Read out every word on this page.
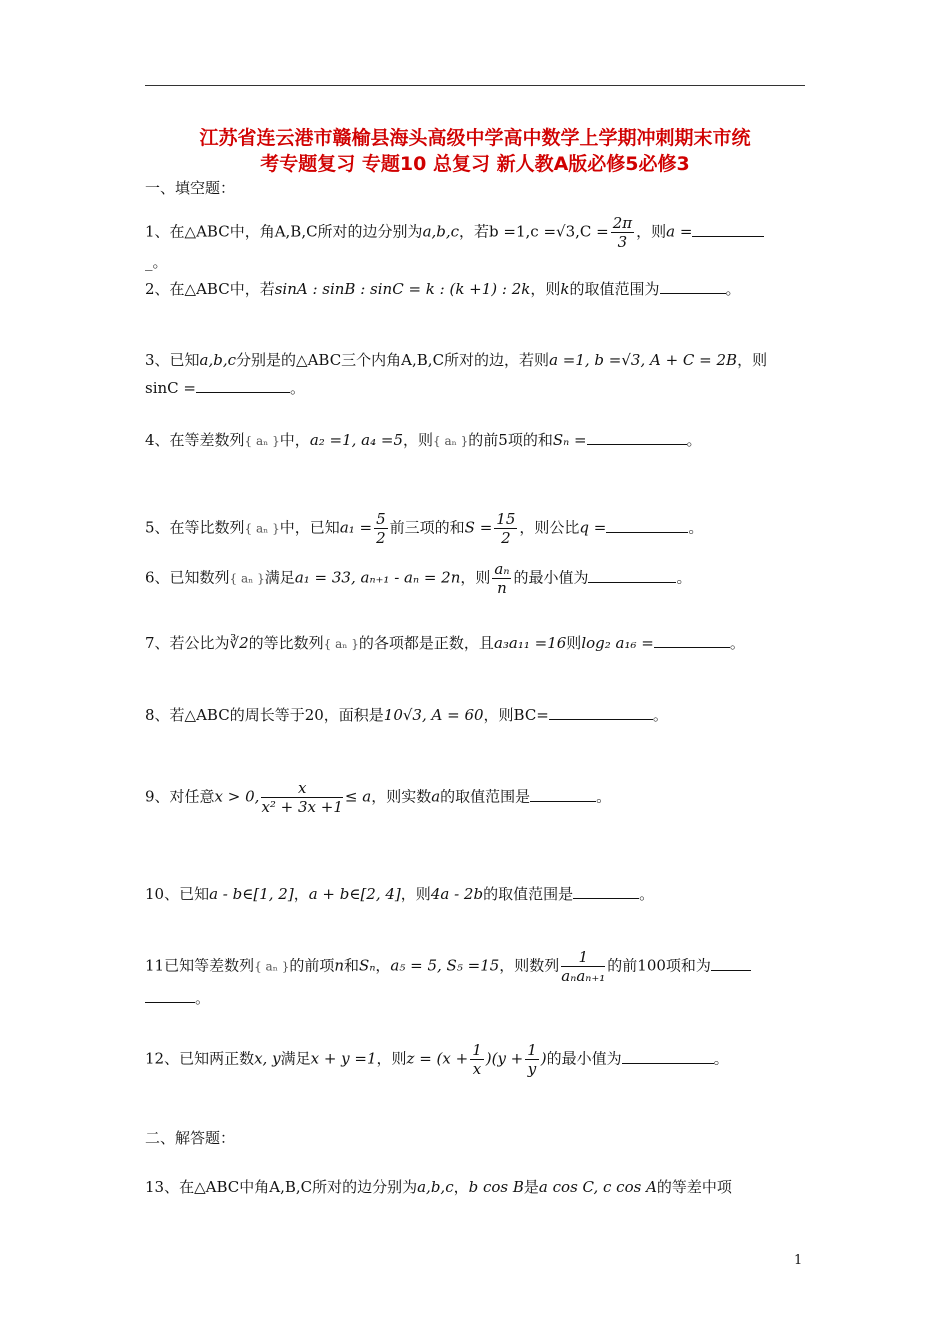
江苏省连云港市赣榆县海头高级中学高中数学上学期冲刺期末市统
考专题复习 专题10 总复习 新人教A版必修5必修3
一、填空题：
1、在△ABC中，角A,B,C所对的边分别为a,b,c，若$b =1,c =√3,C = \frac{2\pi}{3}$ ，则a =
_。
2、在△ABC中，若sinA : sinB : sinC = k : (k +1) : 2k，则k的取值范围为	。
3、已知a,b,c分别是的△ABC三个内角A,B,C所对的边，若则a =1, b =√3, A + C = 2B，则
sinC =	。
4、在等差数列{ aₙ }中，a₂ =1, a₄ =5，则{ aₙ }的前5项的和Sₙ =	。
5、在等比数列{ aₙ }中，已知$a_1 = \frac{5}{2}$ 前三项的和$S = \frac{15}{2}$ ，则公比q =	。
6、已知数列{ aₙ }满足a₁ = 33, aₙ₊₁ - aₙ = 2n，则 $\frac{\text{aₙ}}{n}$ 的最小值为	。
7、若公比为∛2的等比数列{ aₙ }的各项都是正数，且a₃a₁₁ =16则log₂ a₁₆ =	。
8、若△ABC的周长等于20，面积是10√3, A = 60，则BC=	。
9、对任意x > 0, $\frac{x}{\text{x² + 3x +1}} \le a$，则实数a的取值范围是	。
10、已知a - b∈[1, 2]，a + b∈[2, 4]，则4a - 2b的取值范围是	。
11已知等差数列{ aₙ }的前项n和Sₙ，a₅ = 5, S₅ =15，则数列 $\frac{1}{\text{aₙaₙ₊₁}}$ 的前100项和为
。
12、已知两正数x, y满足x + y =1，则$z = (x + \frac{1}{x} )(y + \frac{1}{y}$ )的最小值为	。
二、解答题：
13、在△ABC中角A,B,C所对的边分别为a,b,c，b cos B是a cos C, c cos A的等差中项
1
